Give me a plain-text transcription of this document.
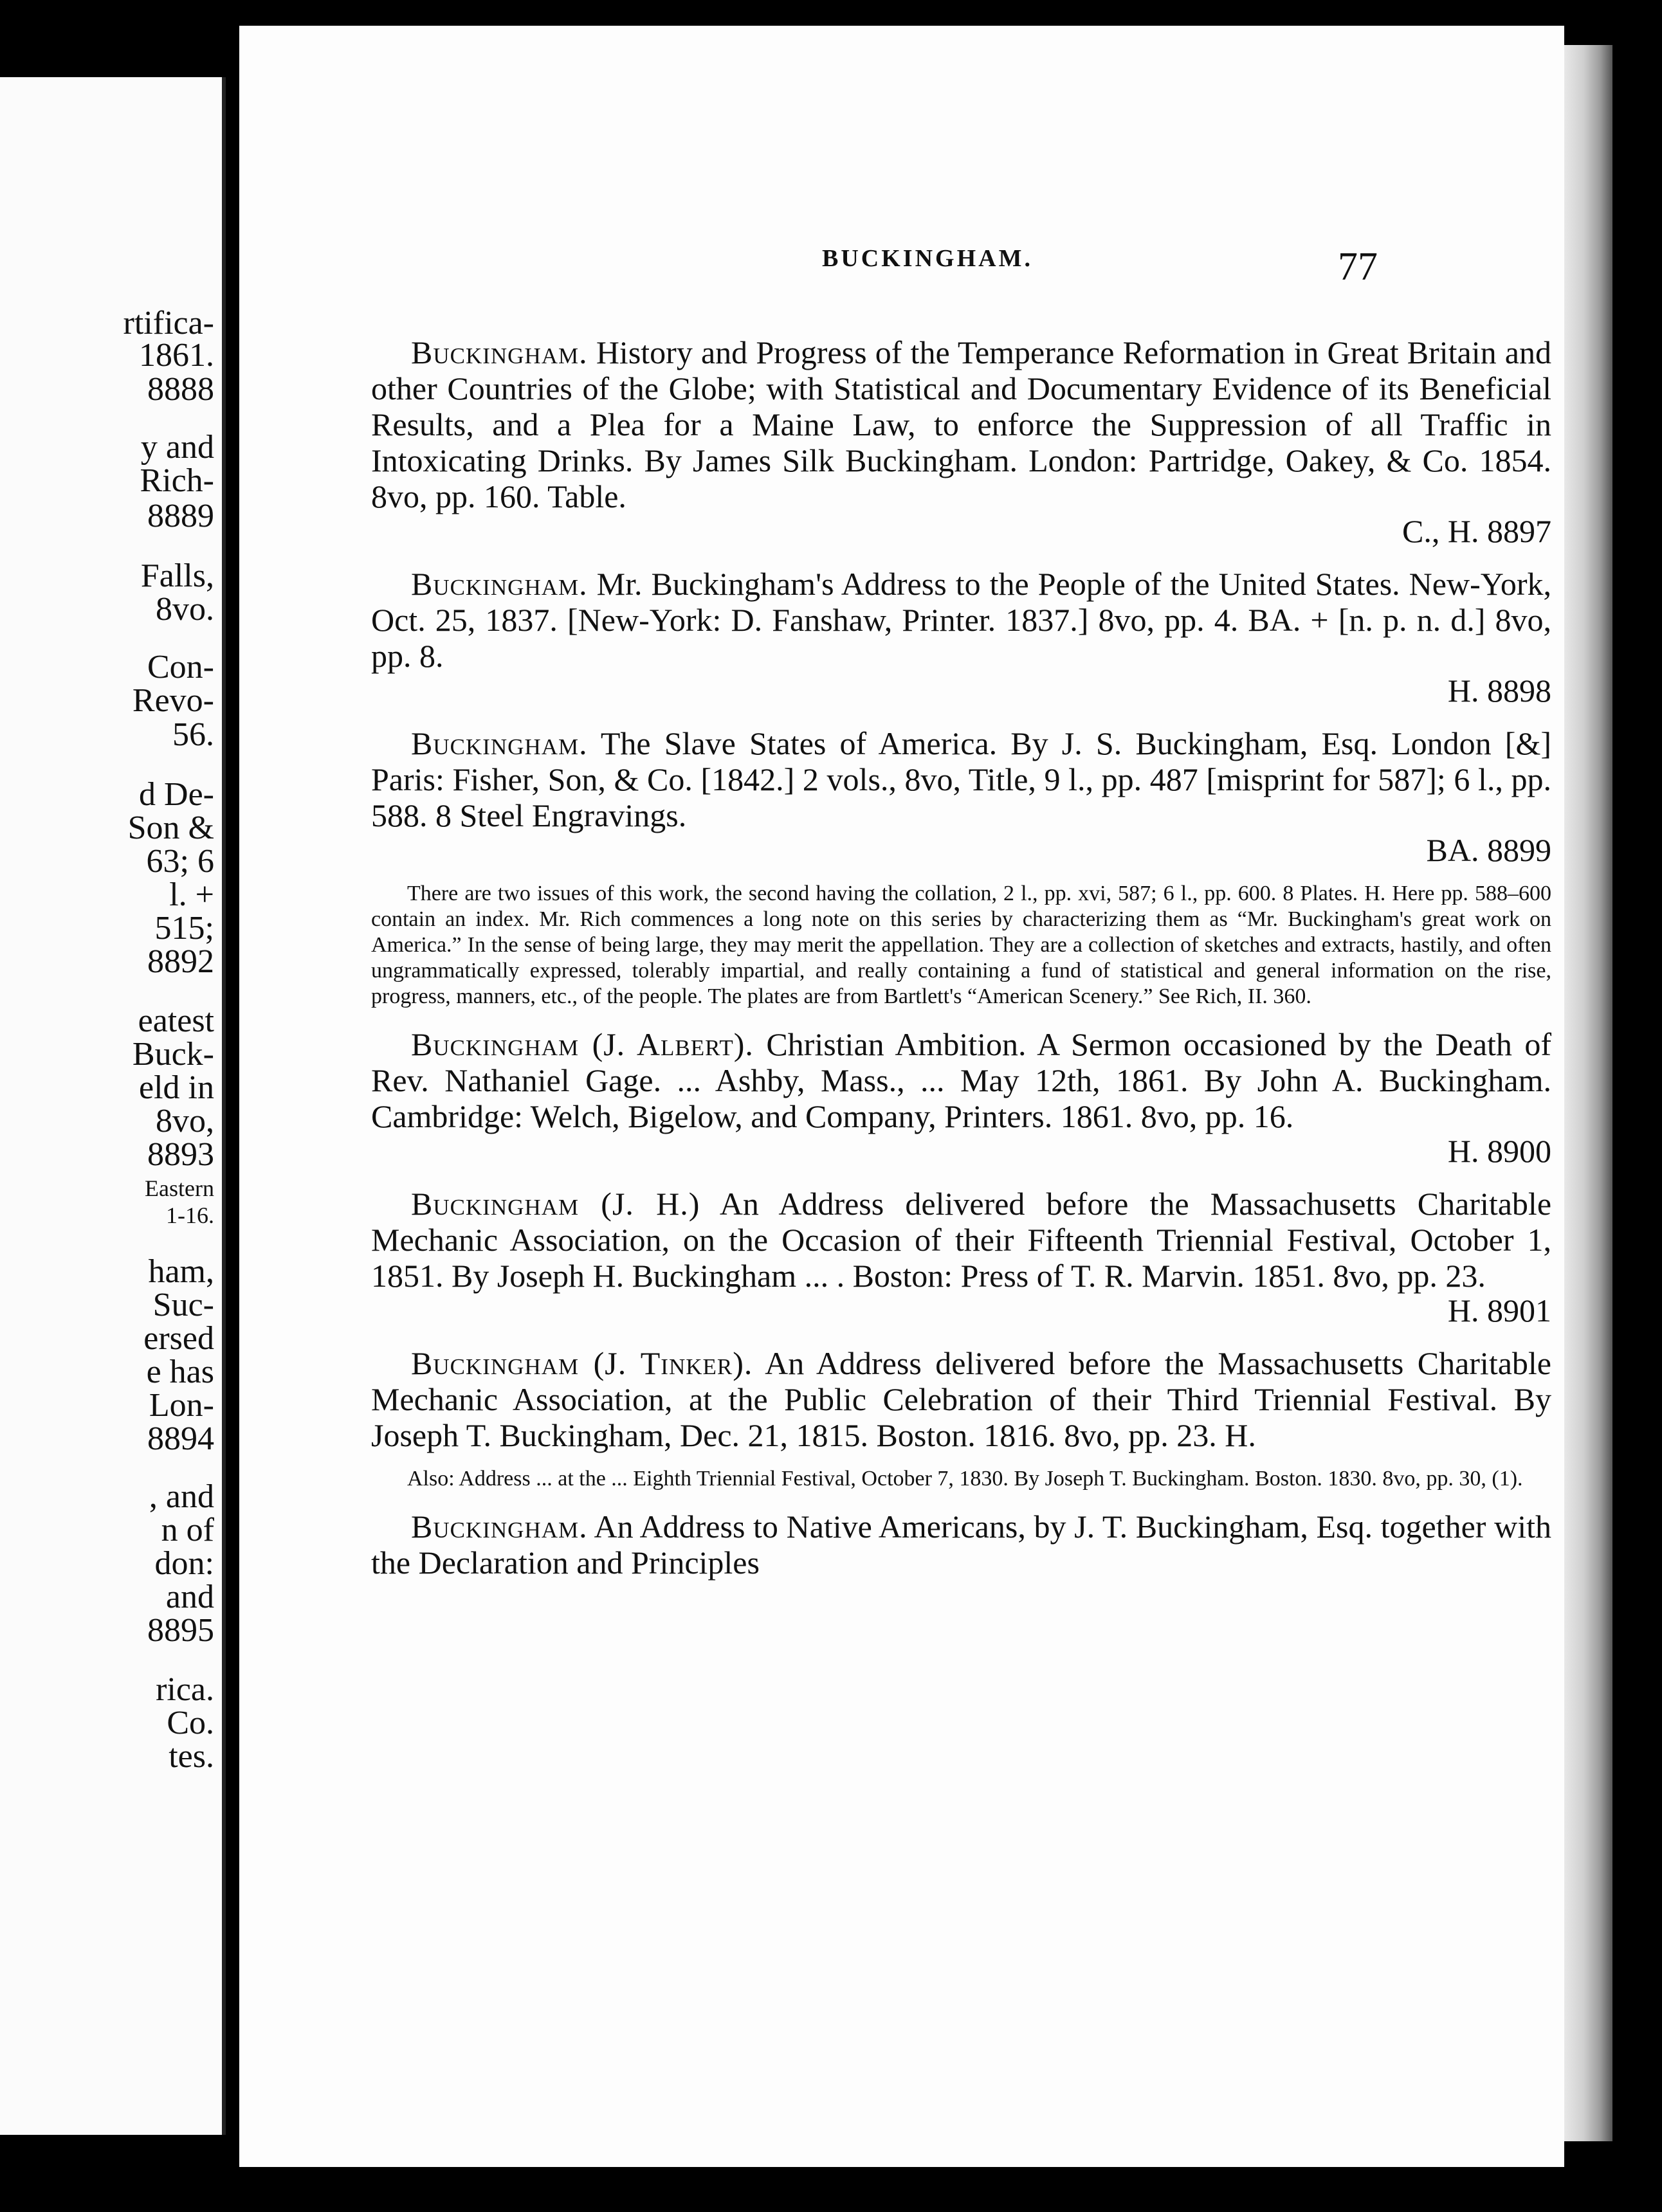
rtifica-
1861.
8888
y and
Rich-
8889
Falls,
8vo.
Con-
Revo-
56.
d De-
Son &
63; 6
l. +
515;
8892
eatest
Buck-
eld in
8vo,
8893
Eastern
1-16.
ham,
Suc-
ersed
e has
Lon-
8894
, and
n of
don:
and
8895
rica.
Co.
tes.
BUCKINGHAM.	77

Buckingham. History and Progress of the Temperance Reformation in Great Britain and other Countries of the Globe; with Statistical and Documentary Evidence of its Beneficial Results, and a Plea for a Maine Law, to enforce the Suppression of all Traffic in Intoxicating Drinks. By James Silk Buckingham. London: Partridge, Oakey, & Co. 1854. 8vo, pp. 160. Table.
C., H. 8897

Buckingham. Mr. Buckingham's Address to the People of the United States. New-York, Oct. 25, 1837. [New-York: D. Fanshaw, Printer. 1837.] 8vo, pp. 4. BA. + [n. p. n. d.] 8vo, pp. 8.
H. 8898

Buckingham. The Slave States of America. By J. S. Buckingham, Esq. London [&] Paris: Fisher, Son, & Co. [1842.] 2 vols., 8vo, Title, 9 l., pp. 487 [misprint for 587]; 6 l., pp. 588. 8 Steel Engravings.
BA. 8899

There are two issues of this work, the second having the collation, 2 l., pp. xvi, 587; 6 l., pp. 600. 8 Plates. H. Here pp. 588–600 contain an index. Mr. Rich commences a long note on this series by characterizing them as “Mr. Buckingham's great work on America.” In the sense of being large, they may merit the appellation. They are a collection of sketches and extracts, hastily, and often ungrammatically expressed, tolerably impartial, and really containing a fund of statistical and general information on the rise, progress, manners, etc., of the people. The plates are from Bartlett's “American Scenery.” See Rich, II. 360.

Buckingham (J. Albert). Christian Ambition. A Sermon occasioned by the Death of Rev. Nathaniel Gage. ... Ashby, Mass., ... May 12th, 1861. By John A. Buckingham. Cambridge: Welch, Bigelow, and Company, Printers. 1861. 8vo, pp. 16.
H. 8900

Buckingham (J. H.) An Address delivered before the Massachusetts Charitable Mechanic Association, on the Occasion of their Fifteenth Triennial Festival, October 1, 1851. By Joseph H. Buckingham ... . Boston: Press of T. R. Marvin. 1851. 8vo, pp. 23.
H. 8901

Buckingham (J. Tinker). An Address delivered before the Massachusetts Charitable Mechanic Association, at the Public Celebration of their Third Triennial Festival. By Joseph T. Buckingham, Dec. 21, 1815. Boston. 1816. 8vo, pp. 23. H.

Also: Address ... at the ... Eighth Triennial Festival, October 7, 1830. By Joseph T. Buckingham. Boston. 1830. 8vo, pp. 30, (1).

Buckingham. An Address to Native Americans, by J. T. Buckingham, Esq. together with the Declaration and Principles
